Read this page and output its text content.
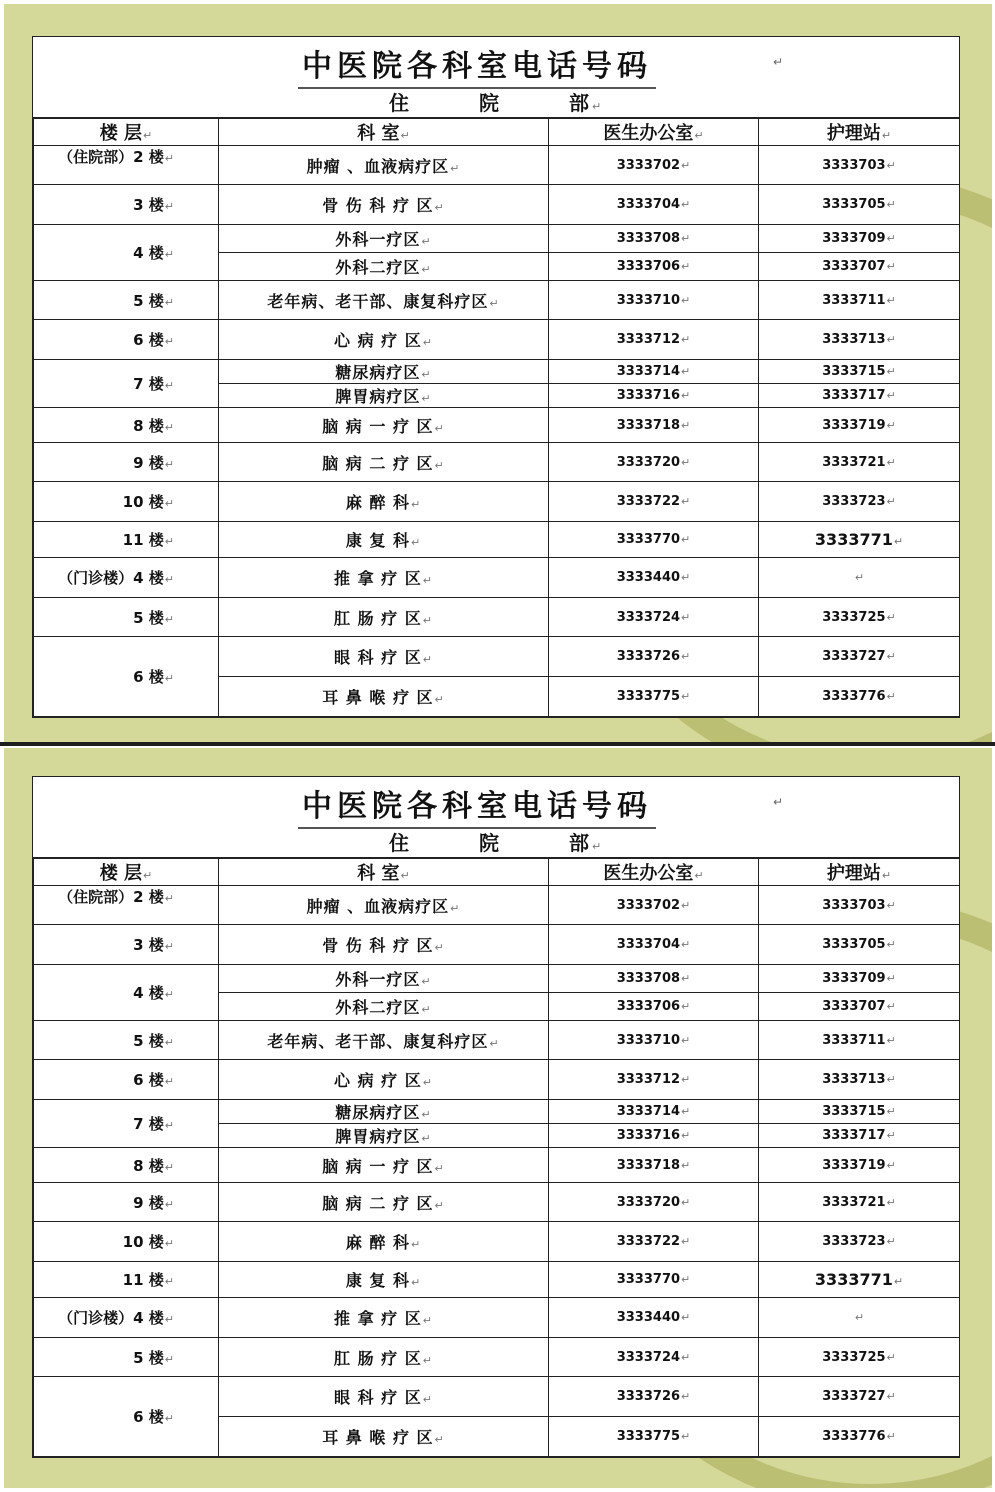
中医院各科室电话号码	↵
住	院	部↵
楼 层↵	科 室↵	医生办公室↵	护理站↵
（住院部）2 楼↵	肿瘤 、血液病疗区↵	3333702↵	3333703↵
3 楼↵	骨 伤 科 疗 区↵	3333704↵	3333705↵
4 楼↵	外科一疗区↵	3333708↵	3333709↵
	外科二疗区↵	3333706↵	3333707↵
5 楼↵	老年病、老干部、康复科疗区↵	3333710↵	3333711↵
6 楼↵	心 病 疗 区↵	3333712↵	3333713↵
7 楼↵	糖尿病疗区↵	3333714↵	3333715↵
	脾胃病疗区↵	3333716↵	3333717↵
8 楼↵	脑 病 一 疗 区↵	3333718↵	3333719↵
9 楼↵	脑 病 二 疗 区↵	3333720↵	3333721↵
10 楼↵	麻 醉 科↵	3333722↵	3333723↵
11 楼↵	康 复 科↵	3333770↵	3333771↵
（门诊楼）4 楼↵	推 拿 疗 区↵	3333440↵	↵
5 楼↵	肛 肠 疗 区↵	3333724↵	3333725↵
6 楼↵	眼 科 疗 区↵	3333726↵	3333727↵
	耳 鼻 喉 疗 区↵	3333775↵	3333776↵
中医院各科室电话号码	↵
住	院	部↵
楼 层↵	科 室↵	医生办公室↵	护理站↵
（住院部）2 楼↵	肿瘤 、血液病疗区↵	3333702↵	3333703↵
3 楼↵	骨 伤 科 疗 区↵	3333704↵	3333705↵
4 楼↵	外科一疗区↵	3333708↵	3333709↵
	外科二疗区↵	3333706↵	3333707↵
5 楼↵	老年病、老干部、康复科疗区↵	3333710↵	3333711↵
6 楼↵	心 病 疗 区↵	3333712↵	3333713↵
7 楼↵	糖尿病疗区↵	3333714↵	3333715↵
	脾胃病疗区↵	3333716↵	3333717↵
8 楼↵	脑 病 一 疗 区↵	3333718↵	3333719↵
9 楼↵	脑 病 二 疗 区↵	3333720↵	3333721↵
10 楼↵	麻 醉 科↵	3333722↵	3333723↵
11 楼↵	康 复 科↵	3333770↵	3333771↵
（门诊楼）4 楼↵	推 拿 疗 区↵	3333440↵	↵
5 楼↵	肛 肠 疗 区↵	3333724↵	3333725↵
6 楼↵	眼 科 疗 区↵	3333726↵	3333727↵
	耳 鼻 喉 疗 区↵	3333775↵	3333776↵
